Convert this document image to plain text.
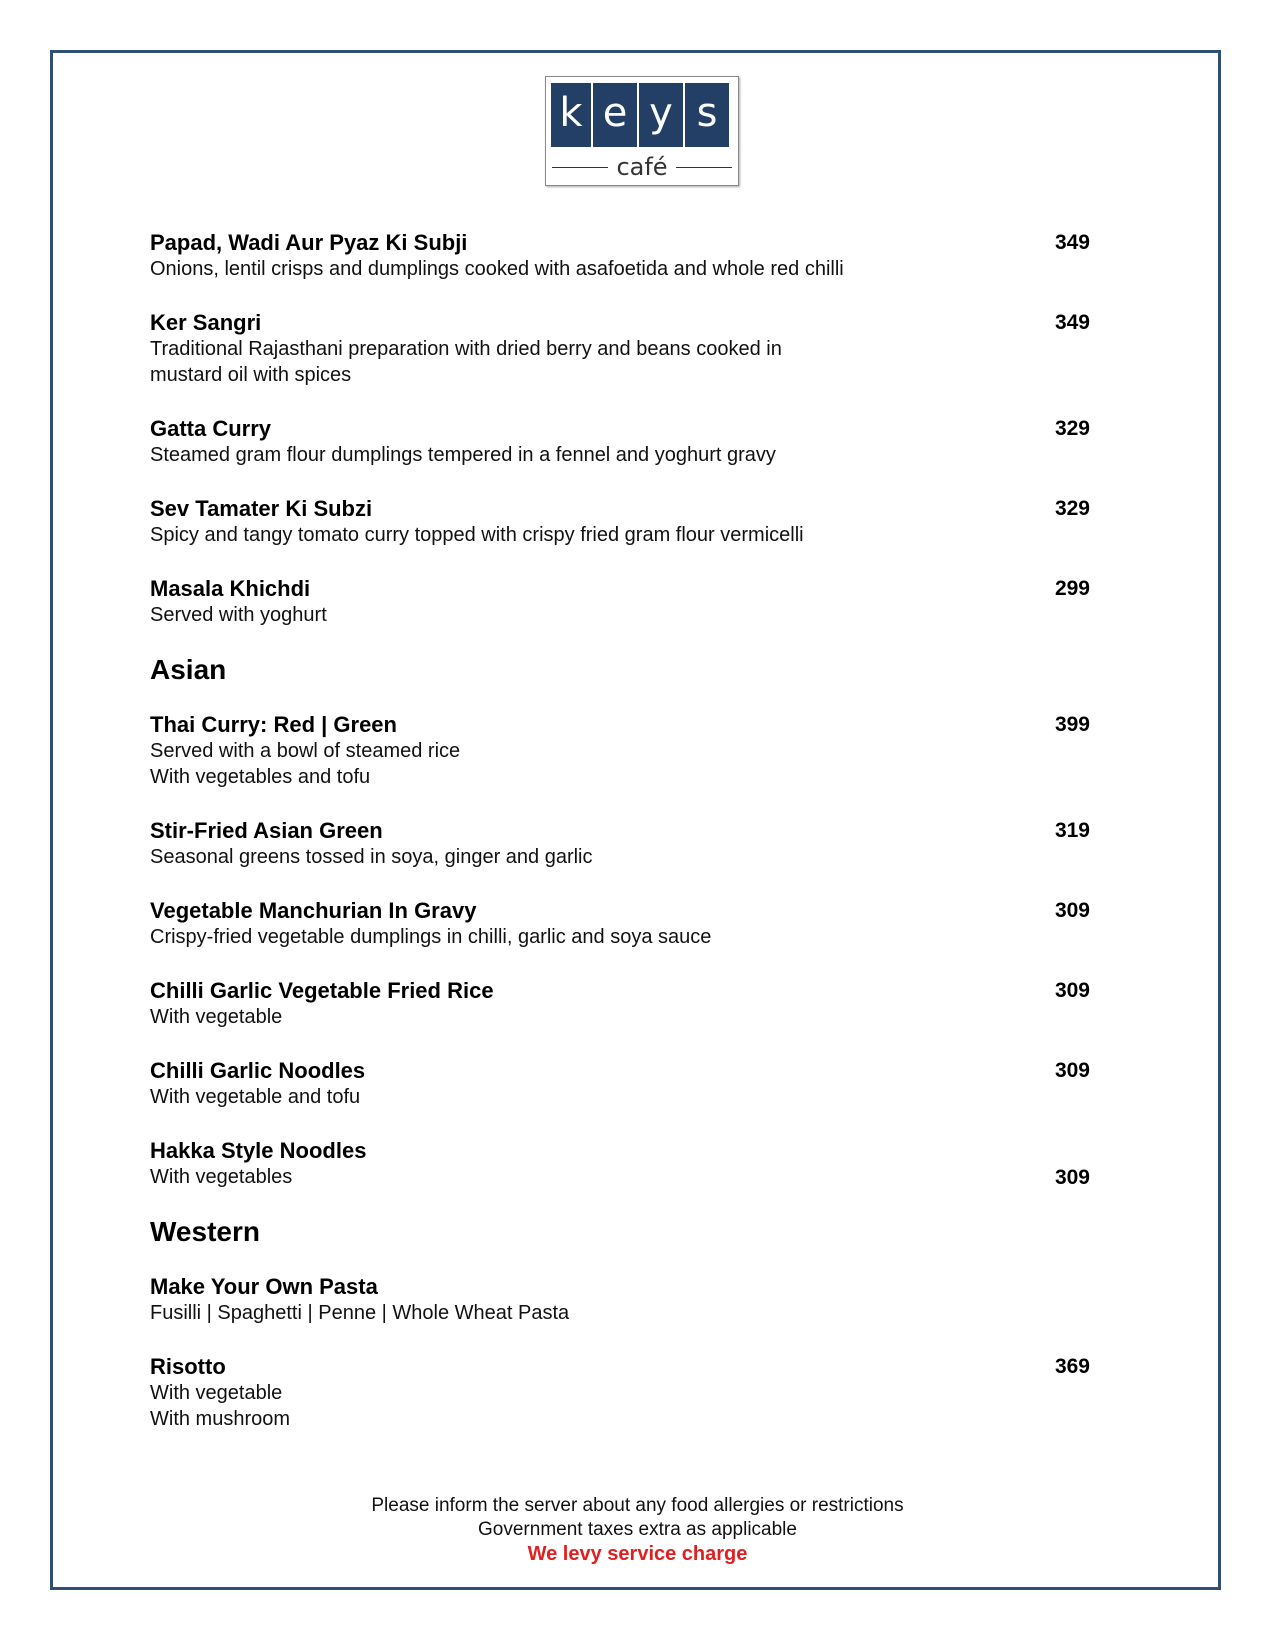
k e y s
café
Papad, Wadi Aur Pyaz Ki Subji
Onions, lentil crisps and dumplings cooked with asafoetida and whole red chilli
349
Ker Sangri
Traditional Rajasthani preparation with dried berry and beans cooked in
mustard oil with spices
349
Gatta Curry
Steamed gram flour dumplings tempered in a fennel and yoghurt gravy
329
Sev Tamater Ki Subzi
Spicy and tangy tomato curry topped with crispy fried gram flour vermicelli
329
Masala Khichdi
Served with yoghurt
299
Asian
Thai Curry: Red | Green
Served with a bowl of steamed rice
With vegetables and tofu
399
Stir-Fried Asian Green
Seasonal greens tossed in soya, ginger and garlic
319
Vegetable Manchurian In Gravy
Crispy-fried vegetable dumplings in chilli, garlic and soya sauce
309
Chilli Garlic Vegetable Fried Rice
With vegetable
309
Chilli Garlic Noodles
With vegetable and tofu
309
Hakka Style Noodles
With vegetables	309
Western
Make Your Own Pasta
Fusilli | Spaghetti | Penne | Whole Wheat Pasta
Risotto
With vegetable
With mushroom
369
Please inform the server about any food allergies or restrictions
Government taxes extra as applicable
We levy service charge
